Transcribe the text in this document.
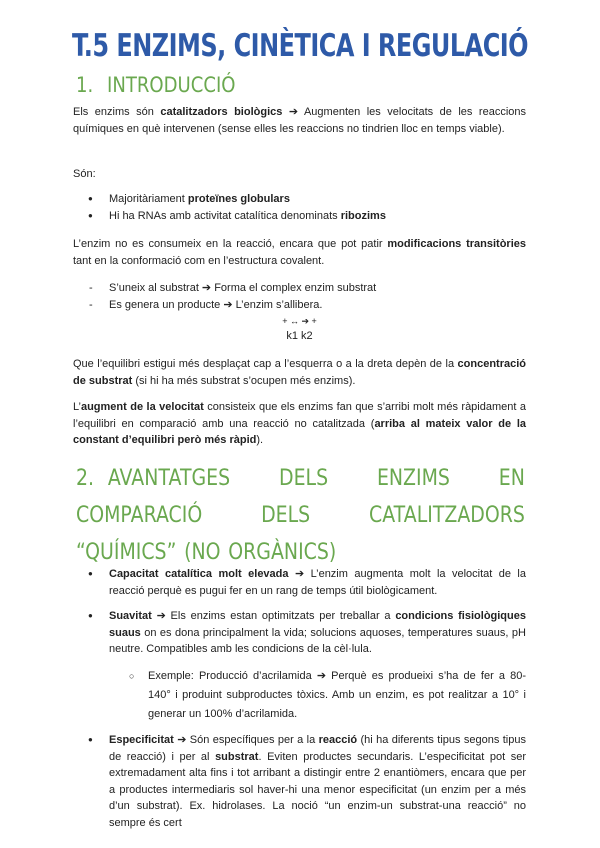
T.5 ENZIMS, CINÈTICA I REGULACIÓ
1. INTRODUCCIÓ

Els enzims són catalitzadors biològics ➔ Augmenten les velocitats de les reaccions químiques en què intervenen (sense elles les reaccions no tindrien lloc en temps viable).

Són:

● Majoritàriament proteïnes globulars
● Hi ha RNAs amb activitat catalítica denominats ribozims

L’enzim no es consumeix en la reacció, encara que pot patir modificacions transitòries tant en la conformació com en l’estructura covalent.

- S’uneix al substrat ➔ Forma el complex enzim substrat
- Es genera un producte ➔ L’enzim s’allibera.
+ ↔ ➔ +
k1 k2

Que l’equilibri estigui més desplaçat cap a l’esquerra o a la dreta depèn de la concentració de substrat (si hi ha més substrat s’ocupen més enzims).

L’augment de la velocitat consisteix que els enzims fan que s’arribi molt més ràpidament a l’equilibri en comparació amb una reacció no catalitzada (arriba al mateix valor de la constant d’equilibri però més ràpid).

2. AVANTATGES DELS ENZIMS EN COMPARACIÓ DELS CATALITZADORS “QUÍMICS” (NO ORGÀNICS)
● Capacitat catalítica molt elevada ➔ L’enzim augmenta molt la velocitat de la reacció perquè es pugui fer en un rang de temps útil biològicament.
● Suavitat ➔ Els enzims estan optimitzats per treballar a condicions fisiològiques suaus on es dona principalment la vida; solucions aquoses, temperatures suaus, pH neutre. Compatibles amb les condicions de la cèl·lula.
○ Exemple: Producció d’acrilamida ➔ Perquè es produeixi s’ha de fer a 80-140° i produint subproductes tòxics. Amb un enzim, es pot realitzar a 10° i generar un 100% d’acrilamida.
● Especificitat ➔ Són específiques per a la reacció (hi ha diferents tipus segons tipus de reacció) i per al substrat. Eviten productes secundaris. L’especificitat pot ser extremadament alta fins i tot arribant a distingir entre 2 enantiòmers, encara que per a productes intermediaris sol haver-hi una menor especificitat (un enzim per a més d’un substrat). Ex. hidrolases. La noció “un enzim-un substrat-una reacció” no sempre és cert
